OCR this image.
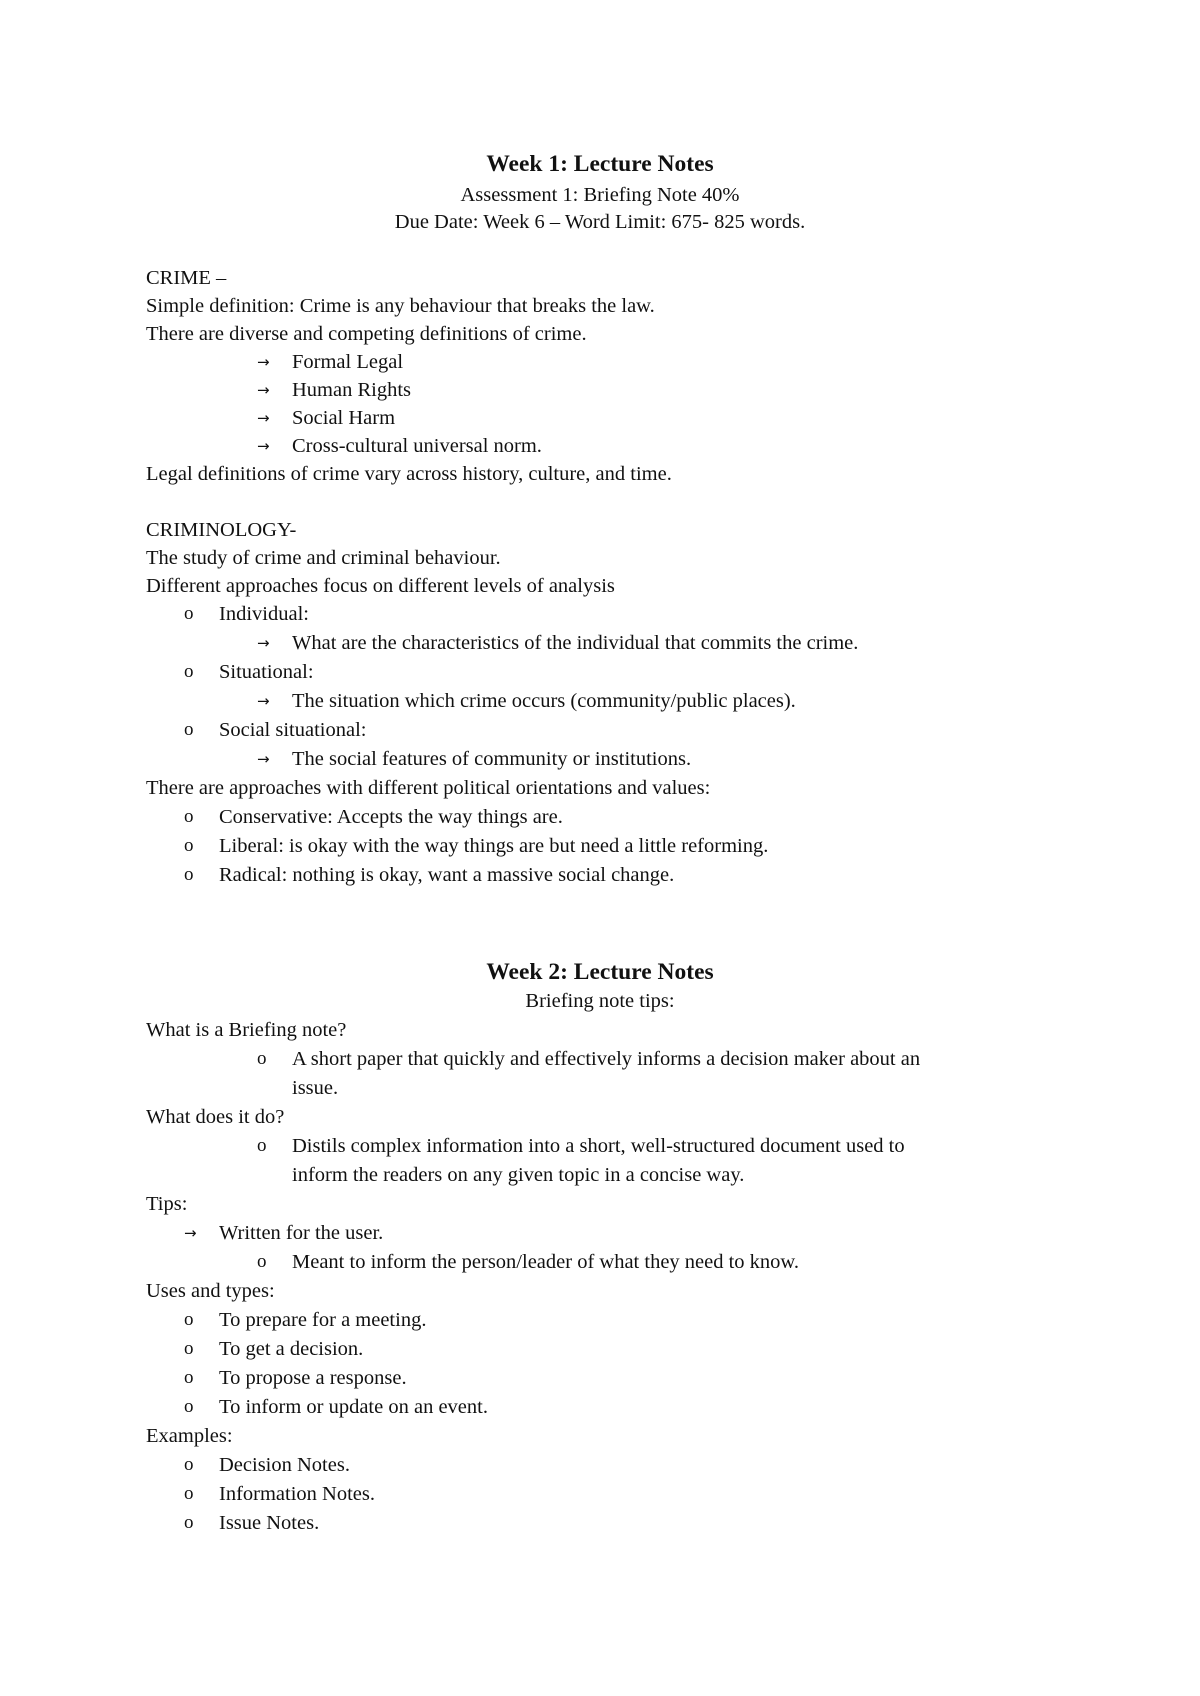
Week 1: Lecture Notes
Assessment 1: Briefing Note 40%
Due Date: Week 6 – Word Limit: 675- 825 words.
CRIME –
Simple definition: Crime is any behaviour that breaks the law.
There are diverse and competing definitions of crime.
→ Formal Legal
→ Human Rights
→ Social Harm
→ Cross-cultural universal norm.
Legal definitions of crime vary across history, culture, and time.
CRIMINOLOGY-
The study of crime and criminal behaviour.
Different approaches focus on different levels of analysis
o Individual:
→ What are the characteristics of the individual that commits the crime.
o Situational:
→ The situation which crime occurs (community/public places).
o Social situational:
→ The social features of community or institutions.
There are approaches with different political orientations and values:
o Conservative: Accepts the way things are.
o Liberal: is okay with the way things are but need a little reforming.
o Radical: nothing is okay, want a massive social change.
Week 2: Lecture Notes
Briefing note tips:
What is a Briefing note?
o A short paper that quickly and effectively informs a decision maker about an
issue.
What does it do?
o Distils complex information into a short, well-structured document used to
inform the readers on any given topic in a concise way.
Tips:
→ Written for the user.
o Meant to inform the person/leader of what they need to know.
Uses and types:
o To prepare for a meeting.
o To get a decision.
o To propose a response.
o To inform or update on an event.
Examples:
o Decision Notes.
o Information Notes.
o Issue Notes.
